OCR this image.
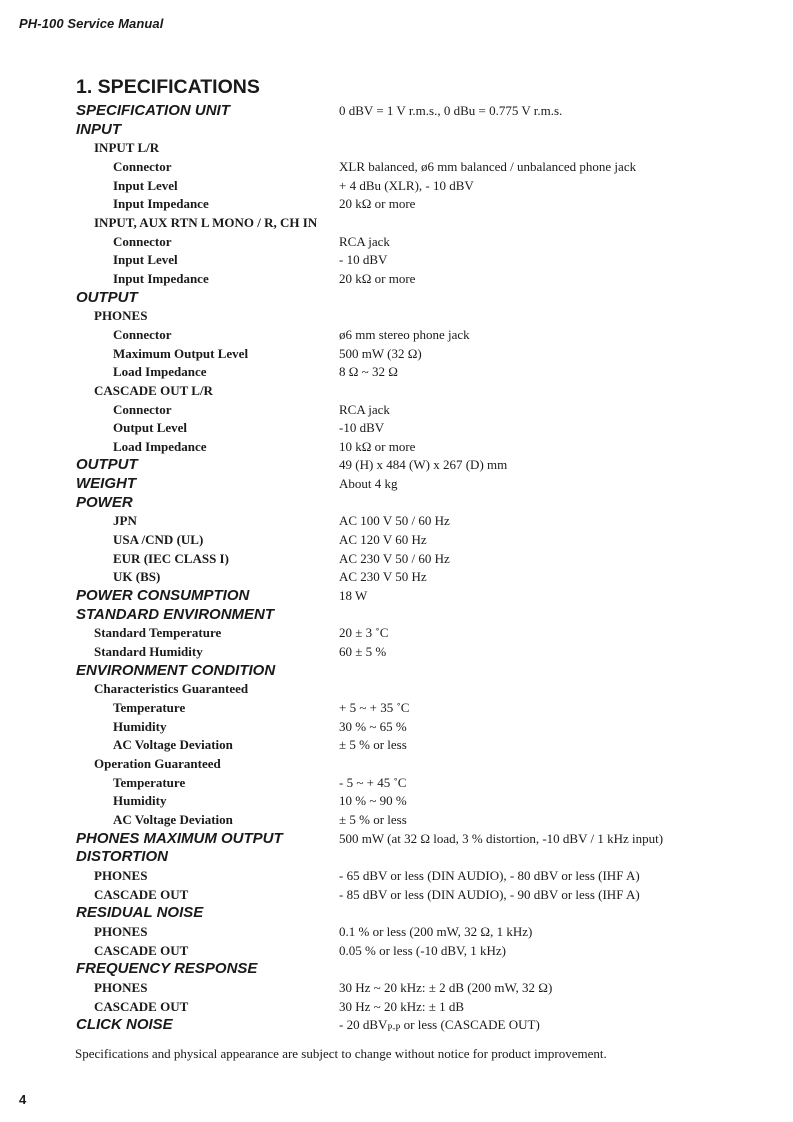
PH-100 Service Manual
1. SPECIFICATIONS
SPECIFICATION UNIT	0 dBV = 1 V r.m.s., 0 dBu = 0.775 V r.m.s.
INPUT
INPUT L/R
Connector	XLR balanced, ø6 mm balanced / unbalanced phone jack
Input Level	+ 4 dBu (XLR), - 10 dBV
Input Impedance	20 kΩ or more
INPUT, AUX RTN L MONO / R, CH IN
Connector	RCA jack
Input Level	- 10 dBV
Input Impedance	20 kΩ or more
OUTPUT
PHONES
Connector	ø6 mm stereo phone jack
Maximum Output Level	500 mW (32 Ω)
Load Impedance	8 Ω ~ 32 Ω
CASCADE OUT L/R
Connector	RCA jack
Output Level	-10 dBV
Load Impedance	10 kΩ or more
OUTPUT	49 (H) x 484 (W) x 267 (D) mm
WEIGHT	About 4 kg
POWER
JPN	AC 100 V 50 / 60 Hz
USA /CND (UL)	AC 120 V 60 Hz
EUR (IEC CLASS I)	AC 230 V 50 / 60 Hz
UK (BS)	AC 230 V 50 Hz
POWER CONSUMPTION	18 W
STANDARD ENVIRONMENT
Standard Temperature	20 ± 3 ˚C
Standard Humidity	60 ± 5 %
ENVIRONMENT CONDITION
Characteristics Guaranteed
Temperature	+ 5 ~ + 35 ˚C
Humidity	30 % ~ 65 %
AC Voltage Deviation	± 5 % or less
Operation Guaranteed
Temperature	- 5 ~ + 45 ˚C
Humidity	10 % ~ 90 %
AC Voltage Deviation	± 5 % or less
PHONES MAXIMUM OUTPUT	500 mW (at 32 Ω load, 3 % distortion, -10 dBV / 1 kHz input)
DISTORTION
PHONES	- 65 dBV or less (DIN AUDIO), - 80 dBV or less (IHF A)
CASCADE OUT	- 85 dBV or less (DIN AUDIO), - 90 dBV or less (IHF A)
RESIDUAL NOISE
PHONES	0.1 % or less (200 mW, 32 Ω, 1 kHz)
CASCADE OUT	0.05 % or less (-10 dBV, 1 kHz)
FREQUENCY RESPONSE
PHONES	30 Hz ~ 20 kHz: ± 2 dB (200 mW, 32 Ω)
CASCADE OUT	30 Hz ~ 20 kHz: ± 1 dB
CLICK NOISE	- 20 dBV$_{P-P}$ or less (CASCADE OUT)
Specifications and physical appearance are subject to change without notice for product improvement.
4
